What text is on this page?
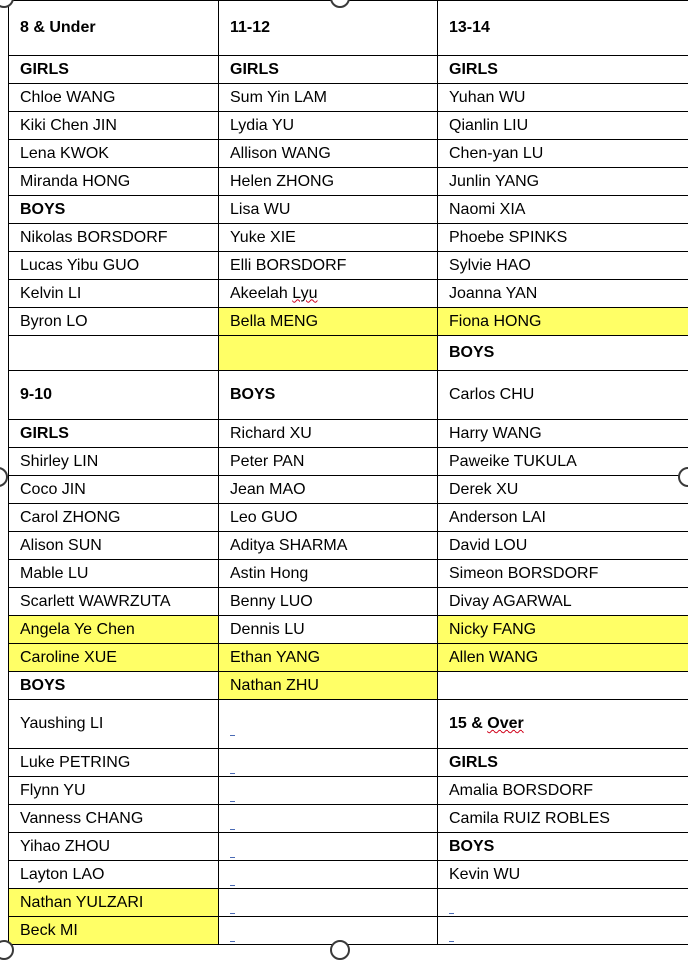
8 & Under	11-12	13-14
GIRLS	GIRLS	GIRLS
Chloe WANG	Sum Yin LAM	Yuhan WU
Kiki Chen JIN	Lydia YU	Qianlin LIU
Lena KWOK	Allison WANG	Chen-yan LU
Miranda HONG	Helen ZHONG	Junlin YANG
BOYS	Lisa WU	Naomi XIA
Nikolas BORSDORF	Yuke XIE	Phoebe SPINKS
Lucas Yibu GUO	Elli BORSDORF	Sylvie HAO
Kelvin LI	Akeelah Lyu	Joanna YAN
Byron LO	Bella MENG	Fiona HONG
		BOYS
9-10	BOYS	Carlos CHU
GIRLS	Richard XU	Harry WANG
Shirley LIN	Peter PAN	Paweike TUKULA
Coco JIN	Jean MAO	Derek XU
Carol ZHONG	Leo GUO	Anderson LAI
Alison SUN	Aditya SHARMA	David LOU
Mable LU	Astin Hong	Simeon BORSDORF
Scarlett WAWRZUTA	Benny LUO	Divay AGARWAL
Angela Ye Chen	Dennis LU	Nicky FANG
Caroline XUE	Ethan YANG	Allen WANG
BOYS	Nathan ZHU	
Yaushing LI		15 & Over
Luke PETRING		GIRLS
Flynn YU		Amalia BORSDORF
Vanness CHANG		Camila RUIZ ROBLES
Yihao ZHOU		BOYS
Layton LAO		Kevin WU
Nathan YULZARI		
Beck MI		
